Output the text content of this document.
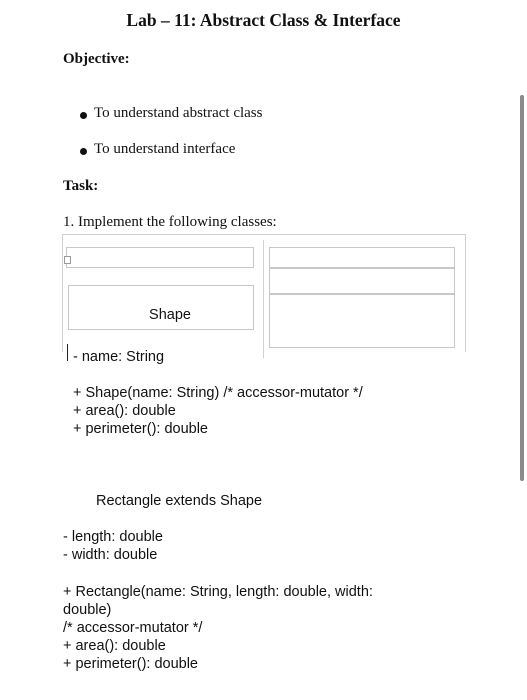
Lab – 11: Abstract Class & Interface
Objective:
To understand abstract class
To understand interface
Task:
1. Implement the following classes:
Shape
- name: String
+ Shape(name: String) /* accessor-mutator */
+ area(): double
+ perimeter(): double
Rectangle extends Shape
- length: double
- width: double
+ Rectangle(name: String, length: double, width:
double)
/* accessor-mutator */
+ area(): double
+ perimeter(): double
